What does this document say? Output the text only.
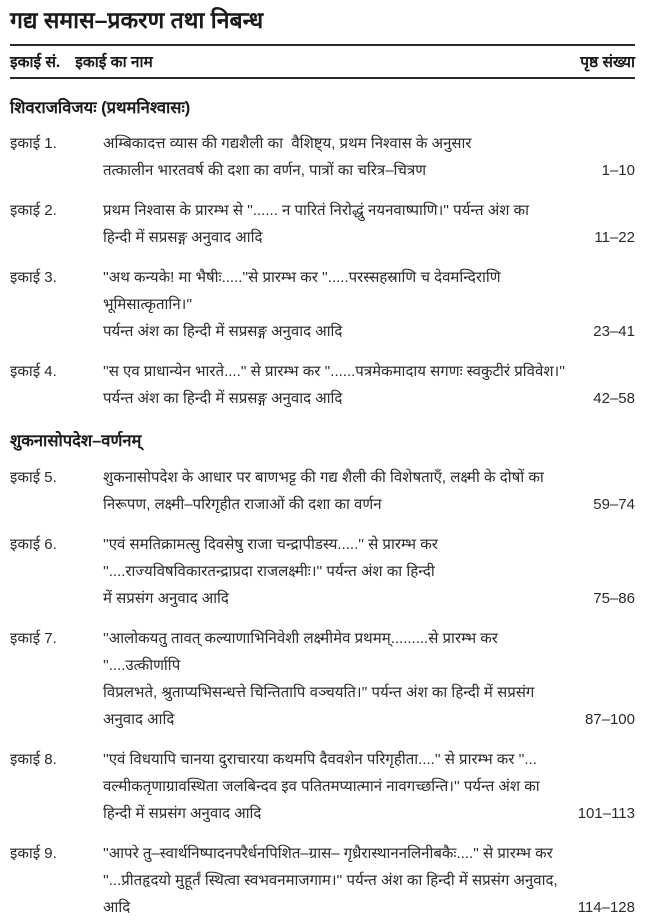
गद्य समास–प्रकरण तथा निबन्ध
इकाई सं. इकाई का नाम	पृष्ठ संख्या
शिवराजविजयः (प्रथमनिश्वासः)
इकाई 1.	अम्बिकादत्त व्यास की गद्यशैली का  वैशिष्ट्य, प्रथम निश्वास के अनुसार
तत्कालीन भारतवर्ष की दशा का वर्णन, पात्रों का चरित्र–चित्रण	1–10
इकाई 2.	प्रथम निश्वास के प्रारम्भ से ''...... न पारितं निरोद्धुं नयनवाष्पाणि।'' पर्यन्त अंश का
हिन्दी में सप्रसङ्ग अनुवाद आदि	11–22
इकाई 3.	''अथ कन्यके! मा भैषीः.....''से प्रारम्भ कर ''.....परस्सहस्राणि च देवमन्दिराणि भूमिसात्कृतानि।''
पर्यन्त अंश का हिन्दी में सप्रसङ्ग अनुवाद आदि	23–41
इकाई 4.	''स एव प्राधान्येन भारते....'' से प्रारम्भ कर ''......पत्रमेकमादाय सगणः स्वकुटीरं प्रविवेश।''
पर्यन्त अंश का हिन्दी में सप्रसङ्ग अनुवाद आदि	42–58
शुकनासोपदेश–वर्णनम्
इकाई 5.	शुकनासोपदेश के आधार पर बाणभट्ट की गद्य शैली की विशेषताएँ, लक्ष्मी के दोषों का
निरूपण, लक्ष्मी–परिगृहीत राजाओं की दशा का वर्णन	59–74
इकाई 6.	''एवं समतिक्रामत्सु दिवसेषु राजा चन्द्रापीडस्य.....'' से प्रारम्भ कर
''....राज्यविषविकारतन्द्राप्रदा राजलक्ष्मीः।'' पर्यन्त अंश का हिन्दी
में सप्रसंग अनुवाद आदि	75–86
इकाई 7.	''आलोकयतु तावत् कल्याणाभिनिवेशी लक्ष्मीमेव प्रथमम्.........से प्रारम्भ कर ''....उत्कीर्णापि
विप्रलभते, श्रुताप्यभिसन्धत्ते चिन्तितापि वञ्चयति।'' पर्यन्त अंश का हिन्दी में सप्रसंग
अनुवाद आदि	87–100
इकाई 8.	''एवं विधयापि चानया दुराचारया कथमपि दैववशेन परिगृहीता....'' से प्रारम्भ कर ''...
वल्मीकतृणाग्रावस्थिता जलबिन्दव इव पतितमप्यात्मानं नावगच्छन्ति।'' पर्यन्त अंश का
हिन्दी में सप्रसंग अनुवाद आदि	101–113
इकाई 9.	''आपरे तु–स्वार्थनिष्पादनपरैर्धनपिशित–ग्रास– गृध्रैरास्थाननलिनीबकैः....'' से प्रारम्भ कर
''...प्रीतहृदयो मुहूर्तं स्थित्वा स्वभवनमाजगाम।'' पर्यन्त अंश का हिन्दी में सप्रसंग अनुवाद,
आदि	114–128
